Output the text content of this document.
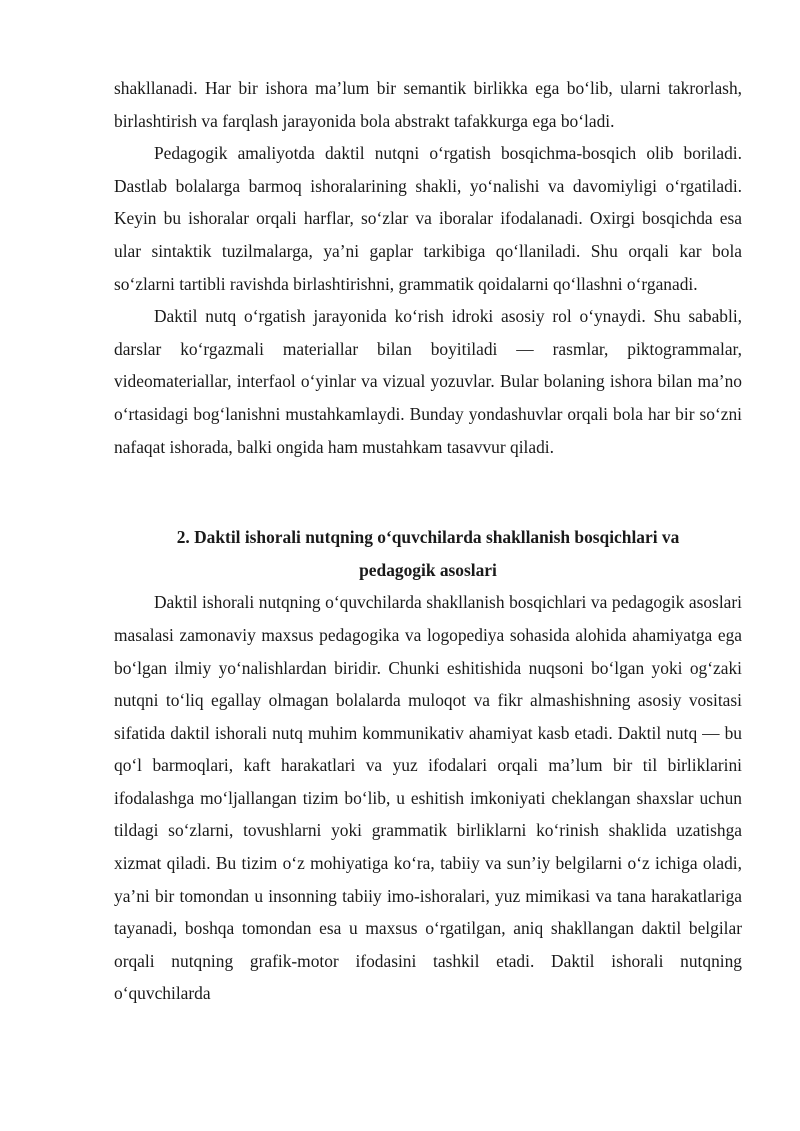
shakllanadi. Har bir ishora ma’lum bir semantik birlikka ega bo‘lib, ularni takrorlash, birlashtirish va farqlash jarayonida bola abstrakt tafakkurga ega bo‘ladi.

Pedagogik amaliyotda daktil nutqni o‘rgatish bosqichma-bosqich olib boriladi. Dastlab bolalarga barmoq ishoralarining shakli, yo‘nalishi va davomiyligi o‘rgatiladi. Keyin bu ishoralar orqali harflar, so‘zlar va iboralar ifodalanadi. Oxirgi bosqichda esa ular sintaktik tuzilmalarga, ya’ni gaplar tarkibiga qo‘llaniladi. Shu orqali kar bola so‘zlarni tartibli ravishda birlashtirishni, grammatik qoidalarni qo‘llashni o‘rganadi.

Daktil nutq o‘rgatish jarayonida ko‘rish idroki asosiy rol o‘ynaydi. Shu sababli, darslar ko‘rgazmali materiallar bilan boyitiladi — rasmlar, piktogrammalar, videomateriallar, interfaol o‘yinlar va vizual yozuvlar. Bular bolaning ishora bilan ma’no o‘rtasidagi bog‘lanishni mustahkamlaydi. Bunday yondashuvlar orqali bola har bir so‘zni nafaqat ishorada, balki ongida ham mustahkam tasavvur qiladi.

2. Daktil ishorali nutqning o‘quvchilarda shakllanish bosqichlari va
pedagogik asoslari

Daktil ishorali nutqning o‘quvchilarda shakllanish bosqichlari va pedagogik asoslari masalasi zamonaviy maxsus pedagogika va logopediya sohasida alohida ahamiyatga ega bo‘lgan ilmiy yo‘nalishlardan biridir. Chunki eshitishida nuqsoni bo‘lgan yoki og‘zaki nutqni to‘liq egallay olmagan bolalarda muloqot va fikr almashishning asosiy vositasi sifatida daktil ishorali nutq muhim kommunikativ ahamiyat kasb etadi. Daktil nutq — bu qo‘l barmoqlari, kaft harakatlari va yuz ifodalari orqali ma’lum bir til birliklarini ifodalashga mo‘ljallangan tizim bo‘lib, u eshitish imkoniyati cheklangan shaxslar uchun tildagi so‘zlarni, tovushlarni yoki grammatik birliklarni ko‘rinish shaklida uzatishga xizmat qiladi. Bu tizim o‘z mohiyatiga ko‘ra, tabiiy va sun’iy belgilarni o‘z ichiga oladi, ya’ni bir tomondan u insonning tabiiy imo-ishoralari, yuz mimikasi va tana harakatlariga tayanadi, boshqa tomondan esa u maxsus o‘rgatilgan, aniq shakllangan daktil belgilar orqali nutqning grafik-motor ifodasini tashkil etadi. Daktil ishorali nutqning o‘quvchilarda
